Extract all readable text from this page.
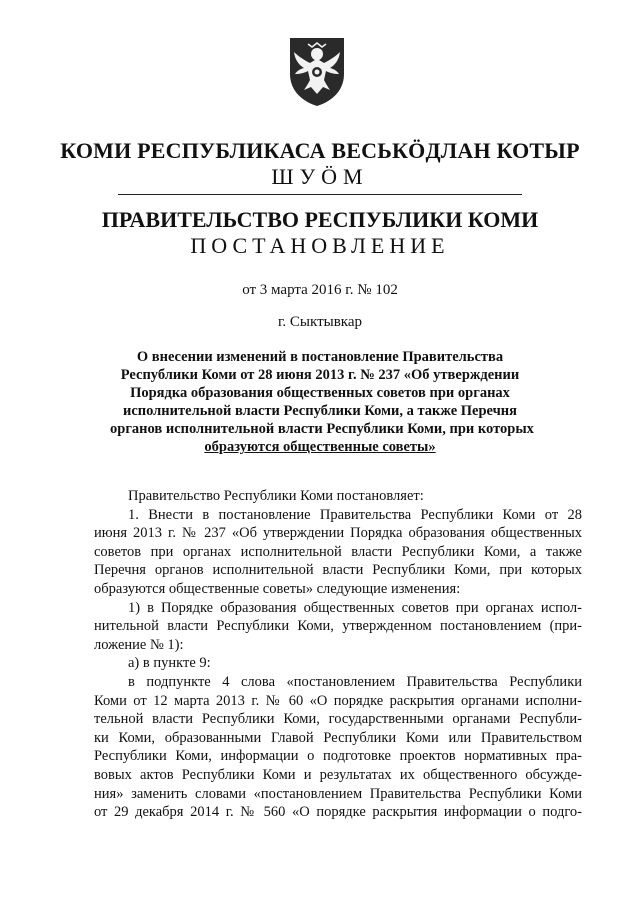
КОМИ РЕСПУБЛИКАСА ВЕСЬКӦДЛАН КОТЫР
ШУӦМ
ПРАВИТЕЛЬСТВО РЕСПУБЛИКИ КОМИ
ПОСТАНОВЛЕНИЕ
от 3 марта 2016 г. № 102
г. Сыктывкар
О внесении изменений в постановление Правительства
Республики Коми от 28 июня 2013 г. № 237 «Об утверждении
Порядка образования общественных советов при органах
исполнительной власти Республики Коми, а также Перечня
органов исполнительной власти Республики Коми, при которых
образуются общественные советы»
Правительство Республики Коми постановляет:
1. Внести в постановление Правительства Республики Коми от 28
июня 2013 г. № 237 «Об утверждении Порядка образования общественных
советов при органах исполнительной власти Республики Коми, а также
Перечня органов исполнительной власти Республики Коми, при которых
образуются общественные советы» следующие изменения:
1) в Порядке образования общественных советов при органах испол-
нительной власти Республики Коми, утвержденном постановлением (при-
ложение № 1):
а) в пункте 9:
в подпункте 4 слова «постановлением Правительства Республики
Коми от 12 марта 2013 г. № 60 «О порядке раскрытия органами исполни-
тельной власти Республики Коми, государственными органами Республи-
ки Коми, образованными Главой Республики Коми или Правительством
Республики Коми, информации о подготовке проектов нормативных пра-
вовых актов Республики Коми и результатах их общественного обсужде-
ния» заменить словами «постановлением Правительства Республики Коми
от 29 декабря 2014 г. № 560 «О порядке раскрытия информации о подго-
